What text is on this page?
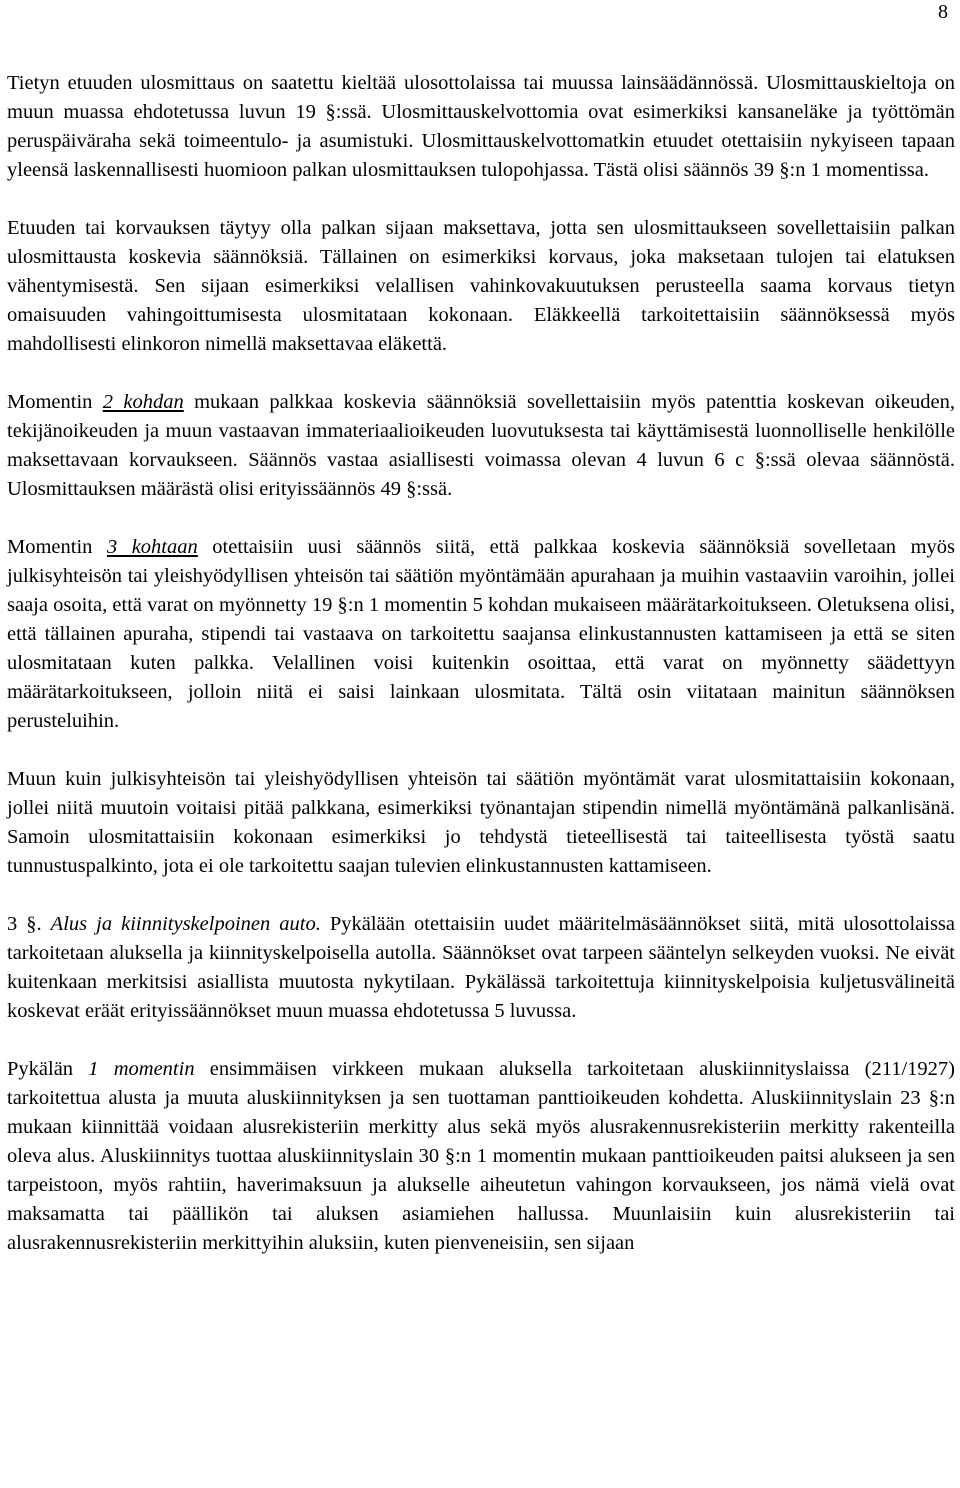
8

Tietyn etuuden ulosmittaus on saatettu kieltää ulosottolaissa tai muussa lainsäädännössä. Ulosmittauskieltoja on muun muassa ehdotetussa luvun 19 §:ssä. Ulosmittauskelvottomia ovat esimerkiksi kansaneläke ja työttömän peruspäiväraha sekä toimeentulo- ja asumistuki. Ulosmittauskelvottomatkin etuudet otettaisiin nykyiseen tapaan yleensä laskennallisesti huomioon palkan ulosmittauksen tulopohjassa. Tästä olisi säännös 39 §:n 1 momentissa.

Etuuden tai korvauksen täytyy olla palkan sijaan maksettava, jotta sen ulosmittaukseen sovellettaisiin palkan ulosmittausta koskevia säännöksiä. Tällainen on esimerkiksi korvaus, joka maksetaan tulojen tai elatuksen vähentymisestä. Sen sijaan esimerkiksi velallisen vahinkovakuutuksen perusteella saama korvaus tietyn omaisuuden vahingoittumisesta ulosmitataan kokonaan. Eläkkeellä tarkoitettaisiin säännöksessä myös mahdollisesti elinkoron nimellä maksettavaa eläkettä.

Momentin 2 kohdan mukaan palkkaa koskevia säännöksiä sovellettaisiin myös patenttia koskevan oikeuden, tekijänoikeuden ja muun vastaavan immateriaalioikeuden luovutuksesta tai käyttämisestä luonnolliselle henkilölle maksettavaan korvaukseen. Säännös vastaa asiallisesti voimassa olevan 4 luvun 6 c §:ssä olevaa säännöstä. Ulosmittauksen määrästä olisi erityissäännös 49 §:ssä.

Momentin 3 kohtaan otettaisiin uusi säännös siitä, että palkkaa koskevia säännöksiä sovelletaan myös julkisyhteisön tai yleishyödyllisen yhteisön tai säätiön myöntämään apurahaan ja muihin vastaaviin varoihin, jollei saaja osoita, että varat on myönnetty 19 §:n 1 momentin 5 kohdan mukaiseen määrätarkoitukseen. Oletuksena olisi, että tällainen apuraha, stipendi tai vastaava on tarkoitettu saajansa elinkustannusten kattamiseen ja että se siten ulosmitataan kuten palkka. Velallinen voisi kuitenkin osoittaa, että varat on myönnetty säädettyyn määrätarkoitukseen, jolloin niitä ei saisi lainkaan ulosmitata. Tältä osin viitataan mainitun säännöksen perusteluihin.

Muun kuin julkisyhteisön tai yleishyödyllisen yhteisön tai säätiön myöntämät varat ulosmitattaisiin kokonaan, jollei niitä muutoin voitaisi pitää palkkana, esimerkiksi työnantajan stipendin nimellä myöntämänä palkanlisänä. Samoin ulosmitattaisiin kokonaan esimerkiksi jo tehdystä tieteellisestä tai taiteellisesta työstä saatu tunnustuspalkinto, jota ei ole tarkoitettu saajan tulevien elinkustannusten kattamiseen.

3 §. Alus ja kiinnityskelpoinen auto. Pykälään otettaisiin uudet määritelmäsäännökset siitä, mitä ulosottolaissa tarkoitetaan aluksella ja kiinnityskelpoisella autolla. Säännökset ovat tarpeen sääntelyn selkeyden vuoksi. Ne eivät kuitenkaan merkitsisi asiallista muutosta nykytilaan. Pykälässä tarkoitettuja kiinnityskelpoisia kuljetusvälineitä koskevat eräät erityissäännökset muun muassa ehdotetussa 5 luvussa.

Pykälän 1 momentin ensimmäisen virkkeen mukaan aluksella tarkoitetaan aluskiinnityslaissa (211/1927) tarkoitettua alusta ja muuta aluskiinnityksen ja sen tuottaman panttioikeuden kohdetta. Aluskiinnityslain 23 §:n mukaan kiinnittää voidaan alusrekisteriin merkitty alus sekä myös alusrakennusrekisteriin merkitty rakenteilla oleva alus. Aluskiinnitys tuottaa aluskiinnityslain 30 §:n 1 momentin mukaan panttioikeuden paitsi alukseen ja sen tarpeistoon, myös rahtiin, haverimaksuun ja alukselle aiheutetun vahingon korvaukseen, jos nämä vielä ovat maksamatta tai päällikön tai aluksen asiamiehen hallussa. Muunlaisiin kuin alusrekisteriin tai alusrakennusrekisteriin merkittyihin aluksiin, kuten pienveneisiin, sen sijaan
